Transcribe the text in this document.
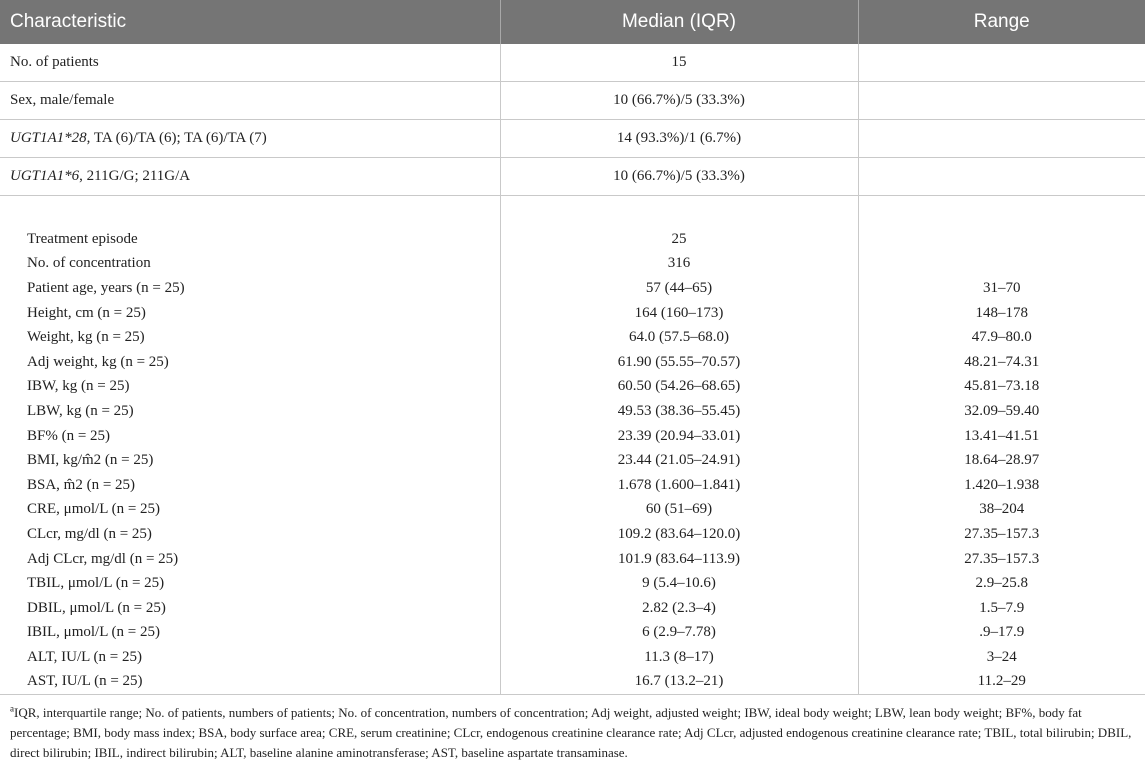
Characteristic	Median (IQR)	Range
No. of patients	15	
Sex, male/female	10 (66.7%)/5 (33.3%)	
UGT1A1*28, TA (6)/TA (6); TA (6)/TA (7)	14 (93.3%)/1 (6.7%)	
UGT1A1*6, 211G/G; 211G/A	10 (66.7%)/5 (33.3%)	

Treatment episode	25	
No. of concentration	316	
Patient age, years (n = 25)	57 (44–65)	31–70
Height, cm (n = 25)	164 (160–173)	148–178
Weight, kg (n = 25)	64.0 (57.5–68.0)	47.9–80.0
Adj weight, kg (n = 25)	61.90 (55.55–70.57)	48.21–74.31
IBW, kg (n = 25)	60.50 (54.26–68.65)	45.81–73.18
LBW, kg (n = 25)	49.53 (38.36–55.45)	32.09–59.40
BF% (n = 25)	23.39 (20.94–33.01)	13.41–41.51
BMI, kg/m̂2 (n = 25)	23.44 (21.05–24.91)	18.64–28.97
BSA, m̂2 (n = 25)	1.678 (1.600–1.841)	1.420–1.938
CRE, μmol/L (n = 25)	60 (51–69)	38–204
CLcr, mg/dl (n = 25)	109.2 (83.64–120.0)	27.35–157.3
Adj CLcr, mg/dl (n = 25)	101.9 (83.64–113.9)	27.35–157.3
TBIL, μmol/L (n = 25)	9 (5.4–10.6)	2.9–25.8
DBIL, μmol/L (n = 25)	2.82 (2.3–4)	1.5–7.9
IBIL, μmol/L (n = 25)	6 (2.9–7.78)	.9–17.9
ALT, IU/L (n = 25)	11.3 (8–17)	3–24
AST, IU/L (n = 25)	16.7 (13.2–21)	11.2–29
$^a$IQR, interquartile range; No. of patients, numbers of patients; No. of concentration, numbers of concentration; Adj weight, adjusted weight; IBW, ideal body weight; LBW, lean body weight; BF%, body fat percentage; BMI, body mass index; BSA, body surface area; CRE, serum creatinine; CLcr, endogenous creatinine clearance rate; Adj CLcr, adjusted endogenous creatinine clearance rate; TBIL, total bilirubin; DBIL, direct bilirubin; IBIL, indirect bilirubin; ALT, baseline alanine aminotransferase; AST, baseline aspartate transaminase.
